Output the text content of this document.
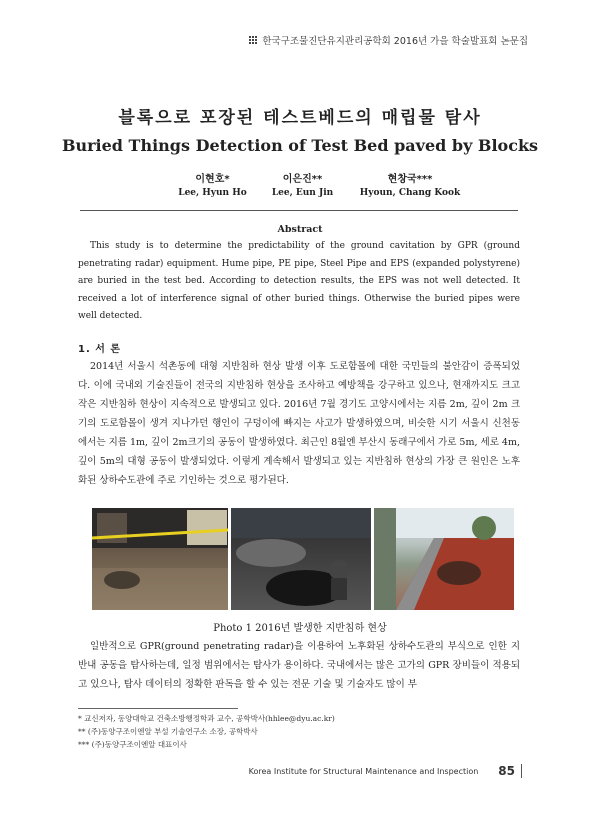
한국구조물진단유지관리공학회 2016년 가을 학술발표회 논문집
블록으로 포장된 테스트베드의 매립물 탐사
Buried Things Detection of Test Bed paved by Blocks
이현호*
Lee, Hyun Ho
이은진**
Lee, Eun Jin
현창국***
Hyoun, Chang Kook
Abstract
This study is to determine the predictability of the ground cavitation by GPR (ground penetrating radar) equipment. Hume pipe, PE pipe, Steel Pipe and EPS (expanded polystyrene) are buried in the test bed. According to detection results, the EPS was not well detected. It received a lot of interference signal of other buried things. Otherwise the buried pipes were well detected.
1. 서 론
2014년 서울시 석촌동에 대형 지반침하 현상 발생 이후 도로함몰에 대한 국민들의 불안감이 증폭되었다. 이에 국내외 기술진들이 전국의 지반침하 현상을 조사하고 예방책을 강구하고 있으나, 현재까지도 크고 작은 지반침하 현상이 지속적으로 발생되고 있다. 2016년 7월 경기도 고양시에서는 지름 2m, 깊이 2m 크기의 도로함몰이 생겨 지나가던 행인이 구덩이에 빠지는 사고가 발생하였으며, 비슷한 시기 서울시 신천동에서는 지름 1m, 깊이 2m크기의 공동이 발생하였다. 최근인 8월엔 부산시 동래구에서 가로 5m, 세로 4m, 깊이 5m의 대형 공동이 발생되었다. 이렇게 계속해서 발생되고 있는 지반침하 현상의 가장 큰 원인은 노후화된 상하수도관에 주로 기인하는 것으로 평가된다.
Photo 1 2016년 발생한 지반침하 현상
일반적으로 GPR(ground penetrating radar)을 이용하여 노후화된 상하수도관의 부식으로 인한 지반내 공동을 탐사하는데, 일정 범위에서는 탐사가 용이하다. 국내에서는 많은 고가의 GPR 장비들이 적용되고 있으나, 탐사 데이터의 정확한 판독을 할 수 있는 전문 기술 및 기술자도 많이 부
* 교신저자, 동양대학교 건축소방행정학과 교수, 공학박사(hhlee@dyu.ac.kr)
** (주)동양구조이엔알 부설 기술연구소 소장, 공학박사
*** (주)동양구조이엔알 대표이사
Korea Institute for Structural Maintenance and Inspection	85
